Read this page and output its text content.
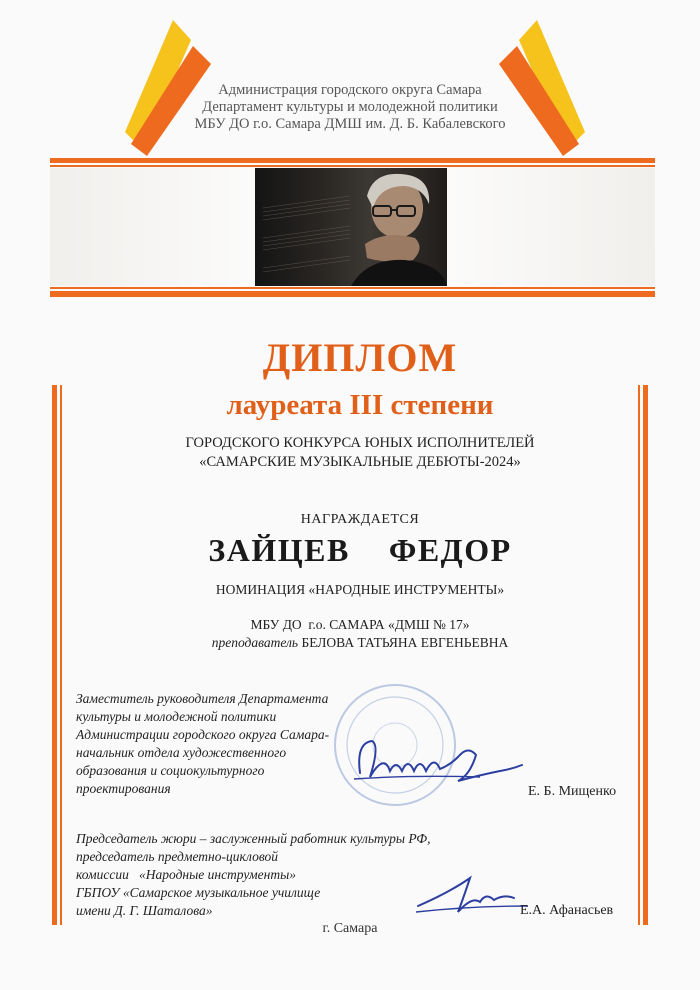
Администрация городского округа Самара
Департамент культуры и молодежной политики
МБУ ДО г.о. Самара ДМШ им. Д. Б. Кабалевского
ДИПЛОМ
лауреата III степени
ГОРОДСКОГО КОНКУРСА ЮНЫХ ИСПОЛНИТЕЛЕЙ
«САМАРСКИЕ МУЗЫКАЛЬНЫЕ ДЕБЮТЫ-2024»
НАГРАЖДАЕТСЯ
ЗАЙЦЕВ  ФЕДОР
НОМИНАЦИЯ «НАРОДНЫЕ ИНСТРУМЕНТЫ»
МБУ ДО  г.о. САМАРА «ДМШ № 17»
преподаватель БЕЛОВА ТАТЬЯНА ЕВГЕНЬЕВНА
Заместитель руководителя Департамента
культуры и молодежной политики
Администрации городского округа Самара-
начальник отдела художественного
образования и социокультурного
проектирования	Е. Б. Мищенко
Председатель жюри – заслуженный работник культуры РФ,
председатель предметно-цикловой
комиссии   «Народные инструменты»
ГБПОУ «Самарское музыкальное училище
имени Д. Г. Шаталова»	Е.А. Афанасьев
г. Самара
